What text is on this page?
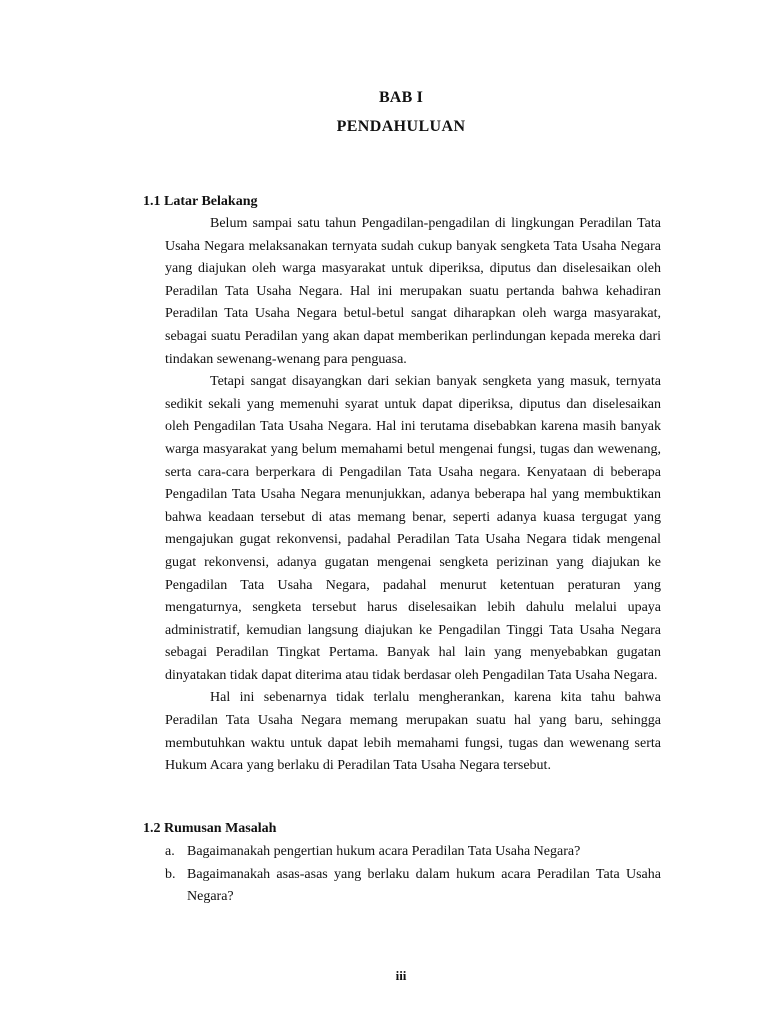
BAB I
PENDAHULUAN
1.1 Latar Belakang

Belum sampai satu tahun Pengadilan-pengadilan di lingkungan Peradilan Tata Usaha Negara melaksanakan ternyata sudah cukup banyak sengketa Tata Usaha Negara yang diajukan oleh warga masyarakat untuk diperiksa, diputus dan diselesaikan oleh Peradilan Tata Usaha Negara. Hal ini merupakan suatu pertanda bahwa kehadiran Peradilan Tata Usaha Negara betul-betul sangat diharapkan oleh warga masyarakat, sebagai suatu Peradilan yang akan dapat memberikan perlindungan kepada mereka dari tindakan sewenang-wenang para penguasa.

Tetapi sangat disayangkan dari sekian banyak sengketa yang masuk, ternyata sedikit sekali yang memenuhi syarat untuk dapat diperiksa, diputus dan diselesaikan oleh Pengadilan Tata Usaha Negara. Hal ini terutama disebabkan karena masih banyak warga masyarakat yang belum memahami betul mengenai fungsi, tugas dan wewenang, serta cara-cara berperkara di Pengadilan Tata Usaha negara. Kenyataan di beberapa Pengadilan Tata Usaha Negara menunjukkan, adanya beberapa hal yang membuktikan bahwa keadaan tersebut di atas memang benar, seperti adanya kuasa tergugat yang mengajukan gugat rekonvensi, padahal Peradilan Tata Usaha Negara tidak mengenal gugat rekonvensi, adanya gugatan mengenai sengketa perizinan yang diajukan ke Pengadilan Tata Usaha Negara, padahal menurut ketentuan peraturan yang mengaturnya, sengketa tersebut harus diselesaikan lebih dahulu melalui upaya administratif, kemudian langsung diajukan ke Pengadilan Tinggi Tata Usaha Negara sebagai Peradilan Tingkat Pertama. Banyak hal lain yang menyebabkan gugatan dinyatakan tidak dapat diterima atau tidak berdasar oleh Pengadilan Tata Usaha Negara.

Hal ini sebenarnya tidak terlalu mengherankan, karena kita tahu bahwa Peradilan Tata Usaha Negara memang merupakan suatu hal yang baru, sehingga membutuhkan waktu untuk dapat lebih memahami fungsi, tugas dan wewenang serta Hukum Acara yang berlaku di Peradilan Tata Usaha Negara tersebut.

1.2 Rumusan Masalah
a. Bagaimanakah pengertian hukum acara Peradilan Tata Usaha Negara?
b. Bagaimanakah asas-asas yang berlaku dalam hukum acara Peradilan Tata Usaha Negara?
iii
